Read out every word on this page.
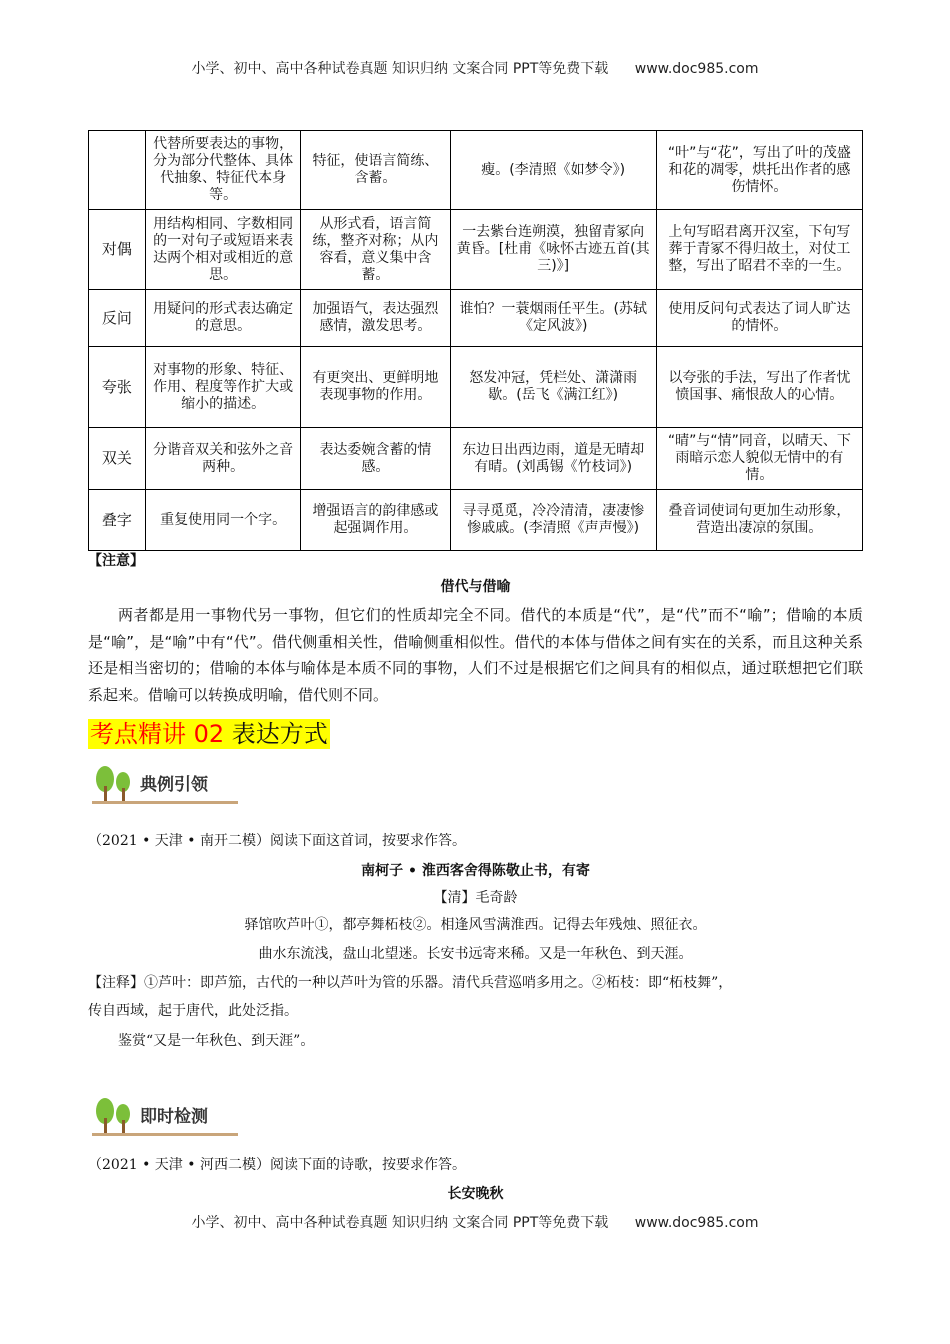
小学、初中、高中各种试卷真题 知识归纳 文案合同 PPT等免费下载 www.doc985.com
	代替所要表达的事物，分为部分代整体、具体代抽象、特征代本身等。	特征，使语言简练、含蓄。	瘦。(李清照《如梦令》)	“叶”与“花”，写出了叶的茂盛和花的凋零，烘托出作者的感伤情怀。
对偶	用结构相同、字数相同的一对句子或短语来表达两个相对或相近的意思。	从形式看，语言简练，整齐对称；从内容看，意义集中含蓄。	一去紫台连朔漠，独留青冢向黄昏。[杜甫《咏怀古迹五首(其三)》]	上句写昭君离开汉室，下句写葬于青冢不得归故土，对仗工整，写出了昭君不幸的一生。
反问	用疑问的形式表达确定的意思。	加强语气，表达强烈感情，激发思考。	谁怕？一蓑烟雨任平生。(苏轼《定风波》)	使用反问句式表达了词人旷达的情怀。
夸张	对事物的形象、特征、作用、程度等作扩大或缩小的描述。	有更突出、更鲜明地表现事物的作用。	怒发冲冠，凭栏处、潇潇雨歇。(岳飞《满江红》)	以夸张的手法，写出了作者忧愤国事、痛恨敌人的心情。
双关	分谐音双关和弦外之音两种。	表达委婉含蓄的情感。	东边日出西边雨，道是无晴却有晴。(刘禹锡《竹枝词》)	“晴”与“情”同音，以晴天、下雨暗示恋人貌似无情中的有情。
叠字	重复使用同一个字。	增强语言的韵律感或起强调作用。	寻寻觅觅，冷冷清清，凄凄惨惨戚戚。(李清照《声声慢》)	叠音词使词句更加生动形象，营造出凄凉的氛围。
【注意】
借代与借喻
两者都是用一事物代另一事物，但它们的性质却完全不同。借代的本质是“代”，是“代”而不“喻”；借喻的本质是“喻”，是“喻”中有“代”。借代侧重相关性，借喻侧重相似性。借代的本体与借体之间有实在的关系，而且这种关系还是相当密切的；借喻的本体与喻体是本质不同的事物，人们不过是根据它们之间具有的相似点，通过联想把它们联系起来。借喻可以转换成明喻，借代则不同。
考点精讲 02 表达方式
典例引领
（2021 • 天津 • 南开二模）阅读下面这首词，按要求作答。
南柯子 • 淮西客舍得陈敬止书，有寄
【清】毛奇龄
驿馆吹芦叶①，都亭舞柘枝②。相逢风雪满淮西。记得去年残烛、照征衣。
曲水东流浅，盘山北望迷。长安书远寄来稀。又是一年秋色、到天涯。
【注释】①芦叶：即芦笳，古代的一种以芦叶为管的乐器。清代兵营巡哨多用之。②柘枝：即“柘枝舞”，
传自西域，起于唐代，此处泛指。
鉴赏“又是一年秋色、到天涯”。
即时检测
（2021 • 天津 • 河西二模）阅读下面的诗歌，按要求作答。
长安晚秋
小学、初中、高中各种试卷真题 知识归纳 文案合同 PPT等免费下载 www.doc985.com
